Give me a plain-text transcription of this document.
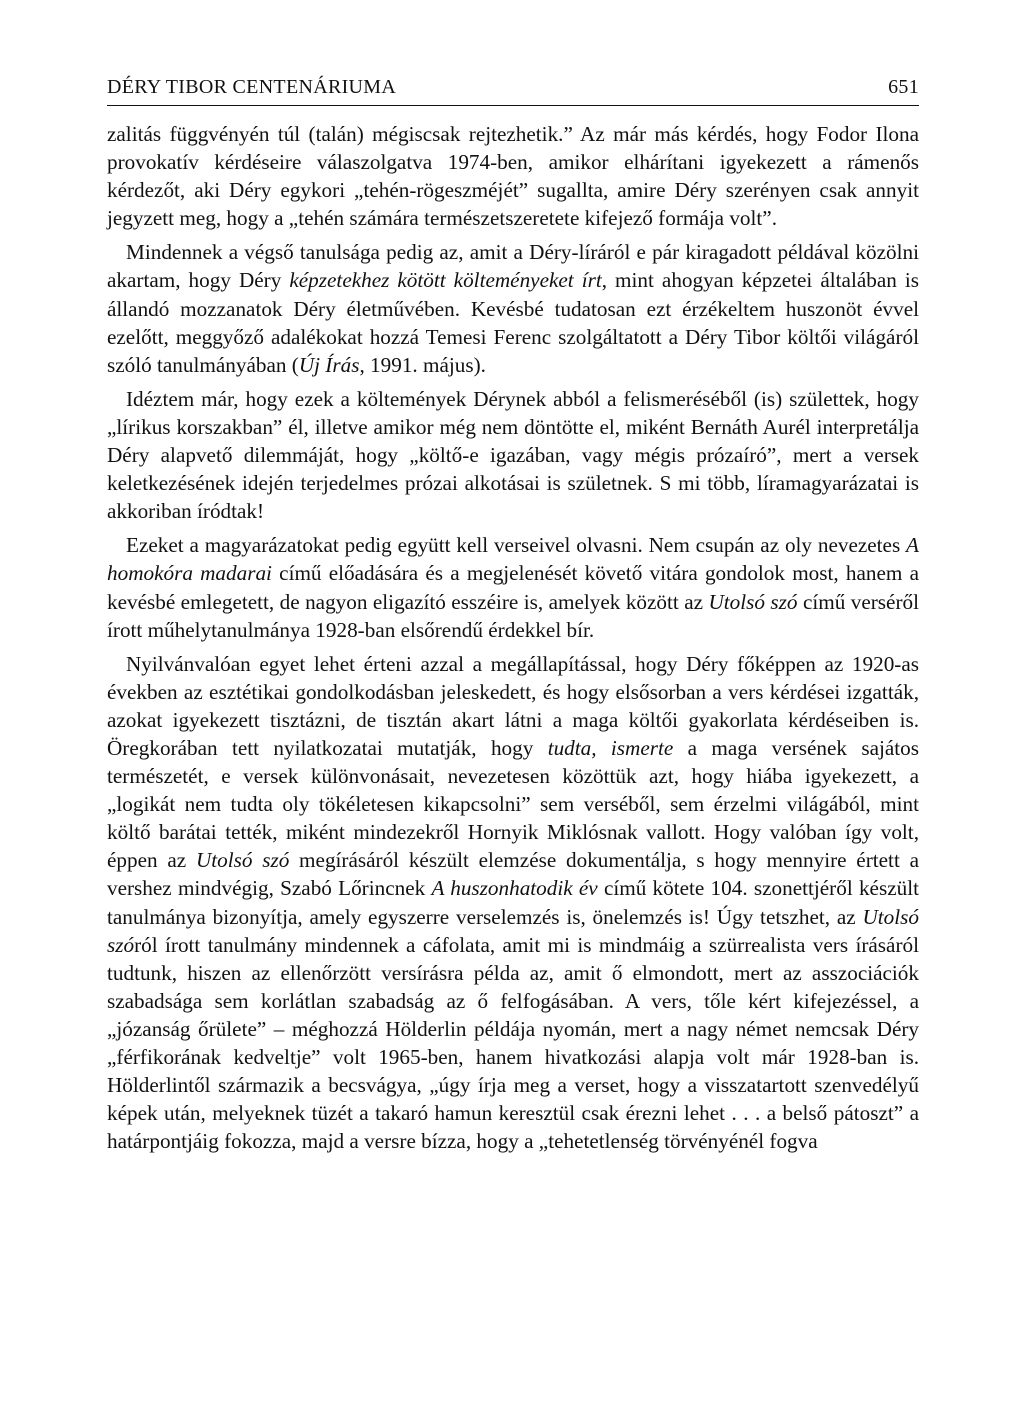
DÉRY TIBOR CENTENÁRIUMA	651

zalitás függvényén túl (talán) mégiscsak rejtezhetik.” Az már más kérdés, hogy Fodor Ilona provokatív kérdéseire válaszolgatva 1974-ben, amikor elhárítani igyekezett a rámenős kérdezőt, aki Déry egykori „tehén-rögeszméjét” sugallta, amire Déry szerényen csak annyit jegyzett meg, hogy a „tehén számára természetszeretete kifejező formája volt”.

Mindennek a végső tanulsága pedig az, amit a Déry-líráról e pár kiragadott példával közölni akartam, hogy Déry képzetekhez kötött költeményeket írt, mint ahogyan képzetei általában is állandó mozzanatok Déry életművében. Kevésbé tudatosan ezt érzékeltem huszonöt évvel ezelőtt, meggyőző adalékokat hozzá Temesi Ferenc szolgáltatott a Déry Tibor költői világáról szóló tanulmányában (Új Írás, 1991. május).

Idéztem már, hogy ezek a költemények Dérynek abból a felismeréséből (is) születtek, hogy „lírikus korszakban” él, illetve amikor még nem döntötte el, miként Bernáth Aurél interpretálja Déry alapvető dilemmáját, hogy „költő-e igazában, vagy mégis prózaíró”, mert a versek keletkezésének idején terjedelmes prózai alkotásai is születnek. S mi több, líramagyarázatai is akkoriban íródtak!

Ezeket a magyarázatokat pedig együtt kell verseivel olvasni. Nem csupán az oly nevezetes A homokóra madarai című előadására és a megjelenését követő vitára gondolok most, hanem a kevésbé emlegetett, de nagyon eligazító esszéire is, amelyek között az Utolsó szó című verséről írott műhelytanulmánya 1928-ban elsőrendű érdekkel bír.

Nyilvánvalóan egyet lehet érteni azzal a megállapítással, hogy Déry főképpen az 1920-as években az esztétikai gondolkodásban jeleskedett, és hogy elsősorban a vers kérdései izgatták, azokat igyekezett tisztázni, de tisztán akart látni a maga költői gyakorlata kérdéseiben is. Öregkorában tett nyilatkozatai mutatják, hogy tudta, ismerte a maga versének sajátos természetét, e versek különvonásait, nevezetesen közöttük azt, hogy hiába igyekezett, a „logikát nem tudta oly tökéletesen kikapcsolni” sem verséből, sem érzelmi világából, mint költő barátai tették, miként mindezekről Hornyik Miklósnak vallott. Hogy valóban így volt, éppen az Utolsó szó megírásáról készült elemzése dokumentálja, s hogy mennyire értett a vershez mindvégig, Szabó Lőrincnek A huszonhatodik év című kötete 104. szonettjéről készült tanulmánya bizonyítja, amely egyszerre verselemzés is, önelemzés is! Úgy tetszhet, az Utolsó szóról írott tanulmány mindennek a cáfolata, amit mi is mindmáig a szürrealista vers írásáról tudtunk, hiszen az ellenőrzött versírásra példa az, amit ő elmondott, mert az asszociációk szabadsága sem korlátlan szabadság az ő felfogásában. A vers, tőle kért kifejezéssel, a „józanság őrülete” – méghozzá Hölderlin példája nyomán, mert a nagy német nemcsak Déry „férfikorának kedveltje” volt 1965-ben, hanem hivatkozási alapja volt már 1928-ban is. Hölderlintől származik a becsvágya, „úgy írja meg a verset, hogy a visszatartott szenvedélyű képek után, melyeknek tüzét a takaró hamun keresztül csak érezni lehet . . . a belső pátoszt” a határpontjáig fokozza, majd a versre bízza, hogy a „tehetetlenség törvényénél fogva
